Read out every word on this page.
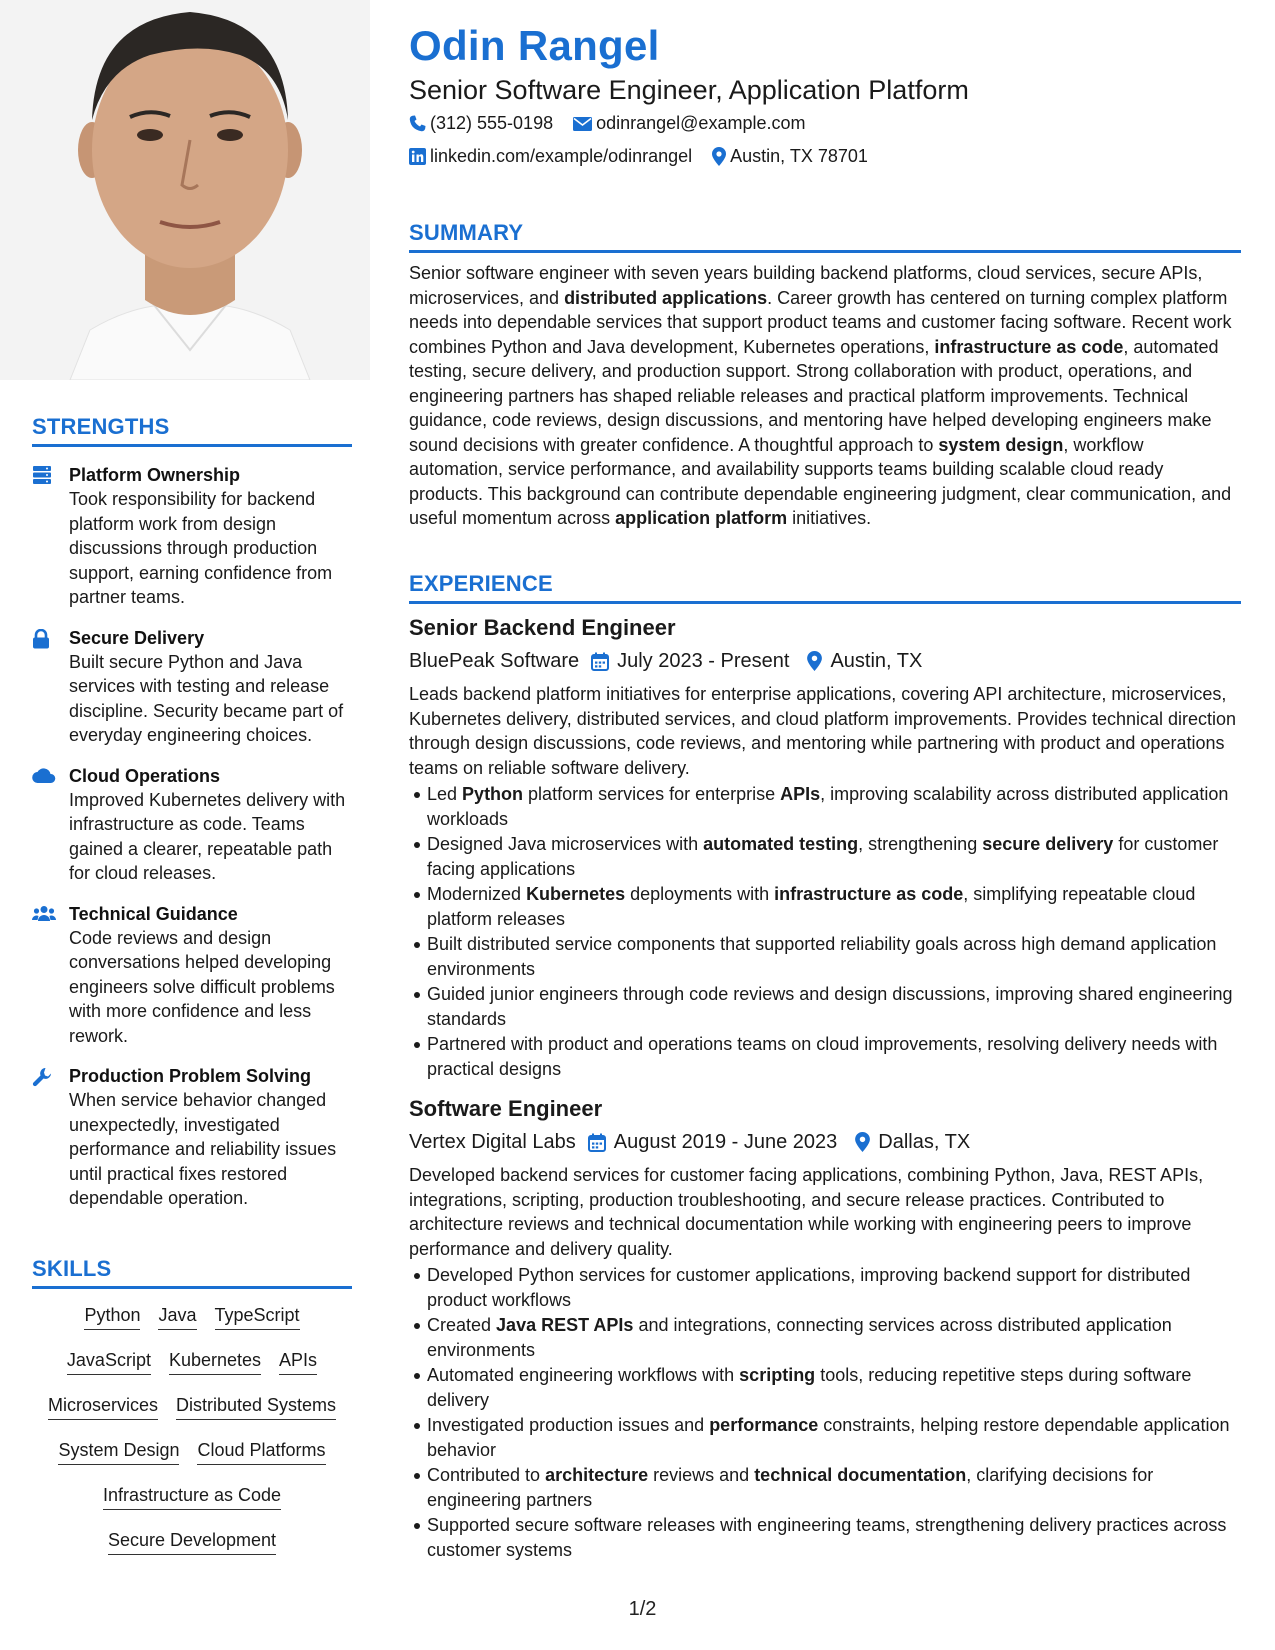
STRENGTHS
Platform Ownership
Took responsibility for backend platform work from design discussions through production support, earning confidence from partner teams.
Secure Delivery
Built secure Python and Java services with testing and release discipline. Security became part of everyday engineering choices.
Cloud Operations
Improved Kubernetes delivery with infrastructure as code. Teams gained a clearer, repeatable path for cloud releases.
Technical Guidance
Code reviews and design conversations helped developing engineers solve difficult problems with more confidence and less rework.
Production Problem Solving
When service behavior changed unexpectedly, investigated performance and reliability issues until practical fixes restored dependable operation.
SKILLS
Python Java TypeScript
JavaScript Kubernetes APIs
Microservices Distributed Systems
System Design Cloud Platforms
Infrastructure as Code
Secure Development
Odin Rangel
Senior Software Engineer, Application Platform
(312) 555-0198 odinrangel@example.com
linkedin.com/example/odinrangel Austin, TX 78701
SUMMARY
Senior software engineer with seven years building backend platforms, cloud services, secure APIs, microservices, and distributed applications. Career growth has centered on turning complex platform needs into dependable services that support product teams and customer facing software. Recent work combines Python and Java development, Kubernetes operations, infrastructure as code, automated testing, secure delivery, and production support. Strong collaboration with product, operations, and engineering partners has shaped reliable releases and practical platform improvements. Technical guidance, code reviews, design discussions, and mentoring have helped developing engineers make sound decisions with greater confidence. A thoughtful approach to system design, workflow automation, service performance, and availability supports teams building scalable cloud ready products. This background can contribute dependable engineering judgment, clear communication, and useful momentum across application platform initiatives.
EXPERIENCE
Senior Backend Engineer
BluePeak Software July 2023 - Present Austin, TX
Leads backend platform initiatives for enterprise applications, covering API architecture, microservices, Kubernetes delivery, distributed services, and cloud platform improvements. Provides technical direction through design discussions, code reviews, and mentoring while partnering with product and operations teams on reliable software delivery.
Led Python platform services for enterprise APIs, improving scalability across distributed application workloads
Designed Java microservices with automated testing, strengthening secure delivery for customer facing applications
Modernized Kubernetes deployments with infrastructure as code, simplifying repeatable cloud platform releases
Built distributed service components that supported reliability goals across high demand application environments
Guided junior engineers through code reviews and design discussions, improving shared engineering standards
Partnered with product and operations teams on cloud improvements, resolving delivery needs with practical designs
Software Engineer
Vertex Digital Labs August 2019 - June 2023 Dallas, TX
Developed backend services for customer facing applications, combining Python, Java, REST APIs, integrations, scripting, production troubleshooting, and secure release practices. Contributed to architecture reviews and technical documentation while working with engineering peers to improve performance and delivery quality.
Developed Python services for customer applications, improving backend support for distributed product workflows
Created Java REST APIs and integrations, connecting services across distributed application environments
Automated engineering workflows with scripting tools, reducing repetitive steps during software delivery
Investigated production issues and performance constraints, helping restore dependable application behavior
Contributed to architecture reviews and technical documentation, clarifying decisions for engineering partners
Supported secure software releases with engineering teams, strengthening delivery practices across customer systems
1/2
